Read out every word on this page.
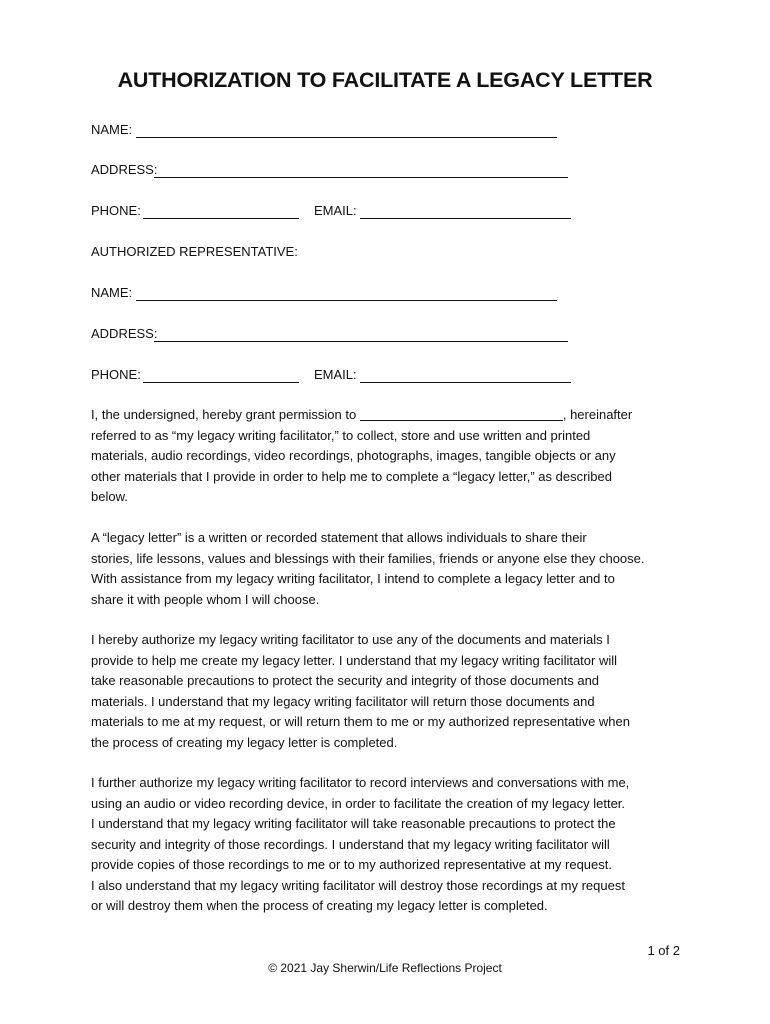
AUTHORIZATION TO FACILITATE A LEGACY LETTER
NAME:
ADDRESS:
PHONE:	EMAIL:
AUTHORIZED REPRESENTATIVE:
NAME:
ADDRESS:
PHONE:	EMAIL:

I, the undersigned, hereby grant permission to	, hereinafter

referred to as “my legacy writing facilitator,” to collect, store and use written and printed

materials, audio recordings, video recordings, photographs, images, tangible objects or any

other materials that I provide in order to help me to complete a “legacy letter,” as described

below.

A “legacy letter” is a written or recorded statement that allows individuals to share their

stories, life lessons, values and blessings with their families, friends or anyone else they choose.

With assistance from my legacy writing facilitator, I intend to complete a legacy letter and to

share it with people whom I will choose.

I hereby authorize my legacy writing facilitator to use any of the documents and materials I

provide to help me create my legacy letter. I understand that my legacy writing facilitator will

take reasonable precautions to protect the security and integrity of those documents and

materials. I understand that my legacy writing facilitator will return those documents and

materials to me at my request, or will return them to me or my authorized representative when

the process of creating my legacy letter is completed.

I further authorize my legacy writing facilitator to record interviews and conversations with me,

using an audio or video recording device, in order to facilitate the creation of my legacy letter.

I understand that my legacy writing facilitator will take reasonable precautions to protect the

security and integrity of those recordings. I understand that my legacy writing facilitator will

provide copies of those recordings to me or to my authorized representative at my request.

I also understand that my legacy writing facilitator will destroy those recordings at my request

or will destroy them when the process of creating my legacy letter is completed.

1 of 2
© 2021 Jay Sherwin/Life Reflections Project
